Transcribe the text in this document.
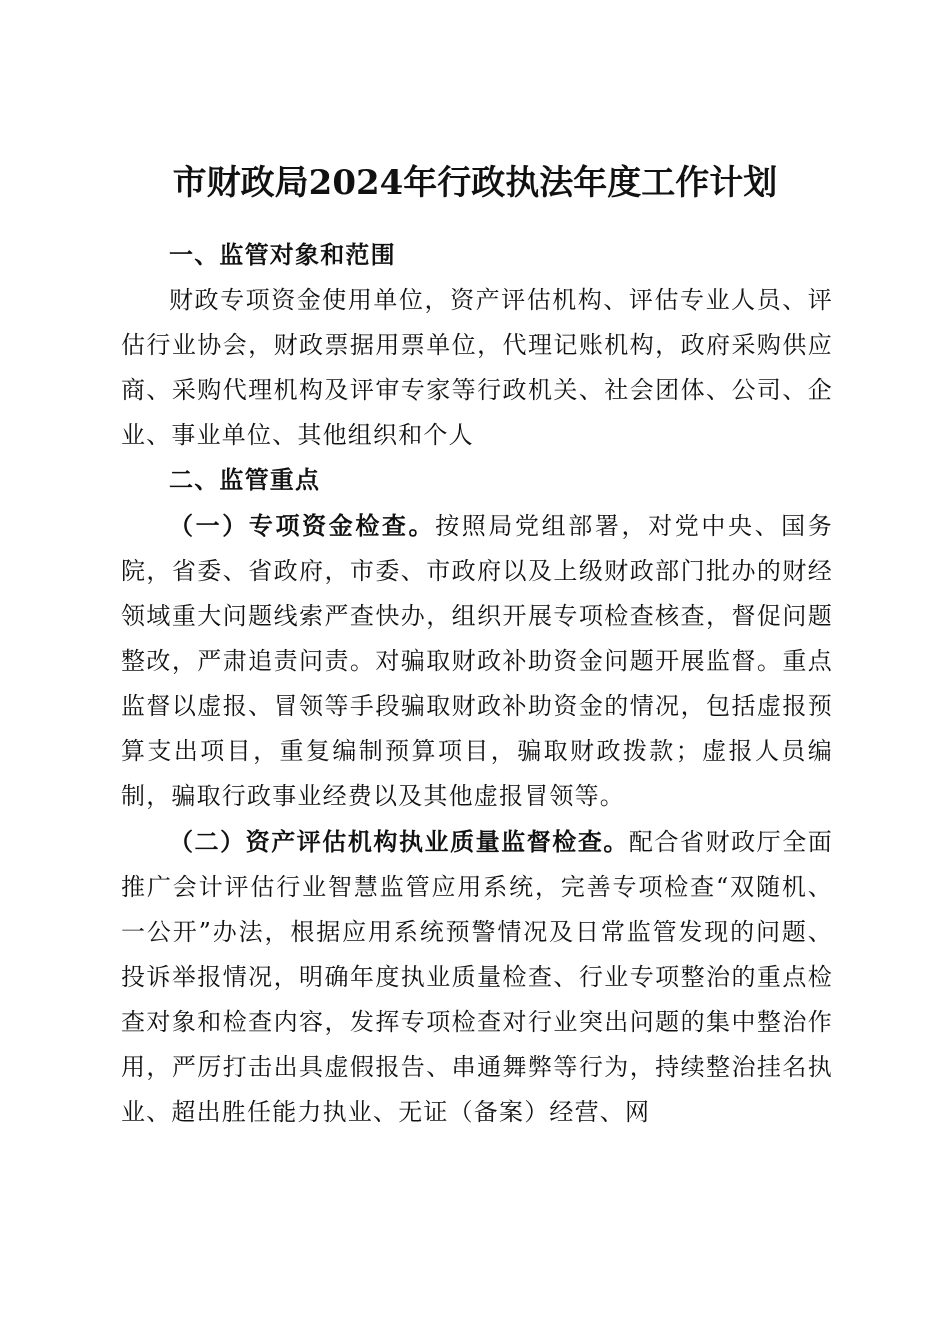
市财政局2024年行政执法年度工作计划

一、监管对象和范围

财政专项资金使用单位，资产评估机构、评估专业人员、评估行业协会，财政票据用票单位，代理记账机构，政府采购供应商、采购代理机构及评审专家等行政机关、社会团体、公司、企业、事业单位、其他组织和个人

二、监管重点

（一）专项资金检查。按照局党组部署，对党中央、国务院，省委、省政府，市委、市政府以及上级财政部门批办的财经领域重大问题线索严查快办，组织开展专项检查核查，督促问题整改，严肃追责问责。对骗取财政补助资金问题开展监督。重点监督以虚报、冒领等手段骗取财政补助资金的情况，包括虚报预算支出项目，重复编制预算项目，骗取财政拨款；虚报人员编制，骗取行政事业经费以及其他虚报冒领等。

（二）资产评估机构执业质量监督检查。配合省财政厅全面推广会计评估行业智慧监管应用系统，完善专项检查“双随机、一公开”办法，根据应用系统预警情况及日常监管发现的问题、投诉举报情况，明确年度执业质量检查、行业专项整治的重点检查对象和检查内容，发挥专项检查对行业突出问题的集中整治作用，严厉打击出具虚假报告、串通舞弊等行为，持续整治挂名执业、超出胜任能力执业、无证（备案）经营、网
